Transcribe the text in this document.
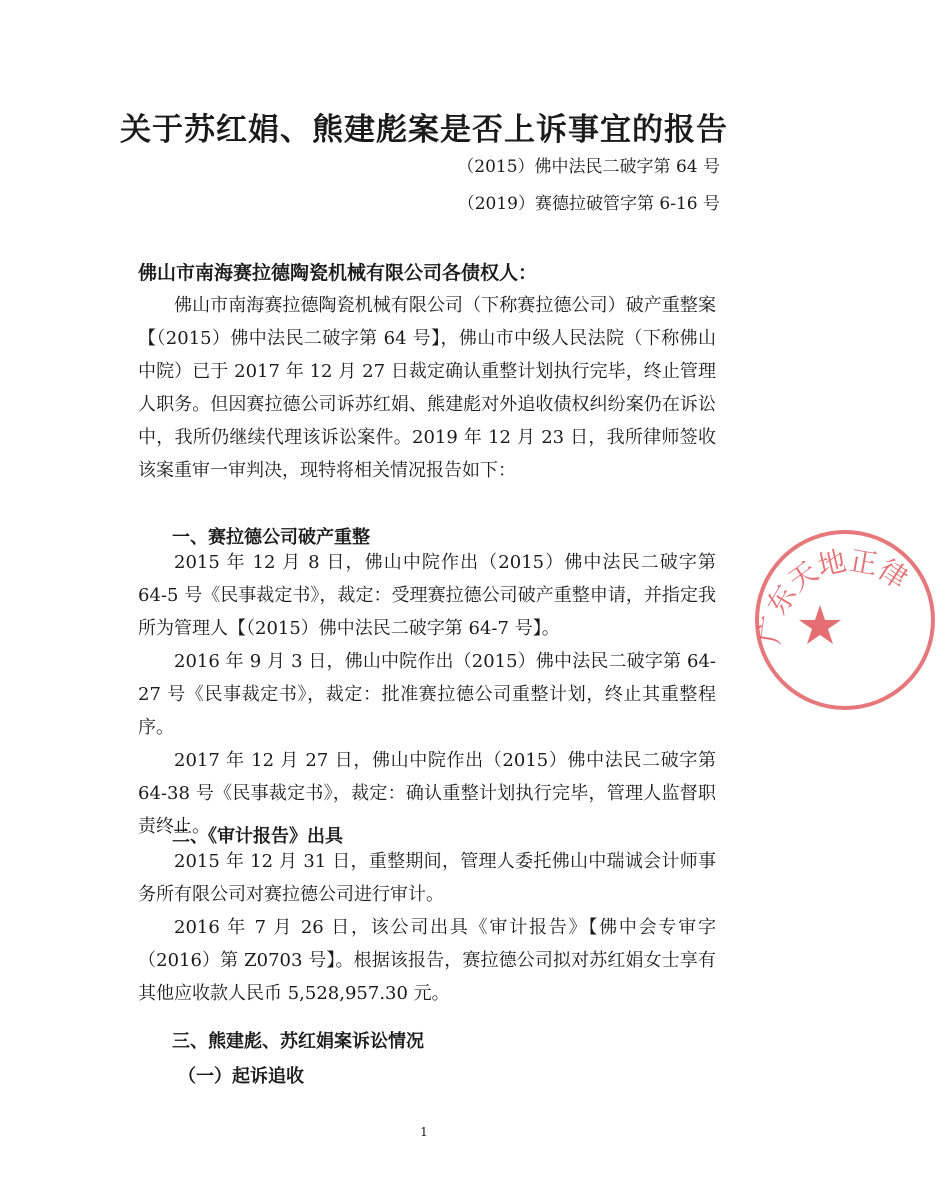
关于苏红娟、熊建彪案是否上诉事宜的报告
（2015）佛中法民二破字第 64 号
（2019）赛德拉破管字第 6-16 号
佛山市南海赛拉德陶瓷机械有限公司各债权人：

佛山市南海赛拉德陶瓷机械有限公司（下称赛拉德公司）破产重整案【（2015）佛中法民二破字第 64 号】，佛山市中级人民法院（下称佛山中院）已于 2017 年 12 月 27 日裁定确认重整计划执行完毕，终止管理人职务。但因赛拉德公司诉苏红娟、熊建彪对外追收债权纠纷案仍在诉讼中，我所仍继续代理该诉讼案件。2019 年 12 月 23 日，我所律师签收该案重审一审判决，现特将相关情况报告如下：

一、赛拉德公司破产重整

2015 年 12 月 8 日，佛山中院作出（2015）佛中法民二破字第 64-5 号《民事裁定书》，裁定：受理赛拉德公司破产重整申请，并指定我所为管理人【（2015）佛中法民二破字第 64-7 号】。

2016 年 9 月 3 日，佛山中院作出（2015）佛中法民二破字第 64-27 号《民事裁定书》，裁定：批准赛拉德公司重整计划，终止其重整程序。

2017 年 12 月 27 日，佛山中院作出（2015）佛中法民二破字第 64-38 号《民事裁定书》，裁定：确认重整计划执行完毕，管理人监督职责终止。

二、《审计报告》出具

2015 年 12 月 31 日，重整期间，管理人委托佛山中瑞诚会计师事务所有限公司对赛拉德公司进行审计。

2016 年 7 月 26 日，该公司出具《审计报告》【佛中会专审字（2016）第 Z0703 号】。根据该报告，赛拉德公司拟对苏红娟女士享有其他应收款人民币 5,528,957.30 元。

三、熊建彪、苏红娟案诉讼情况
（一）起诉追收
1
广东天地正律
